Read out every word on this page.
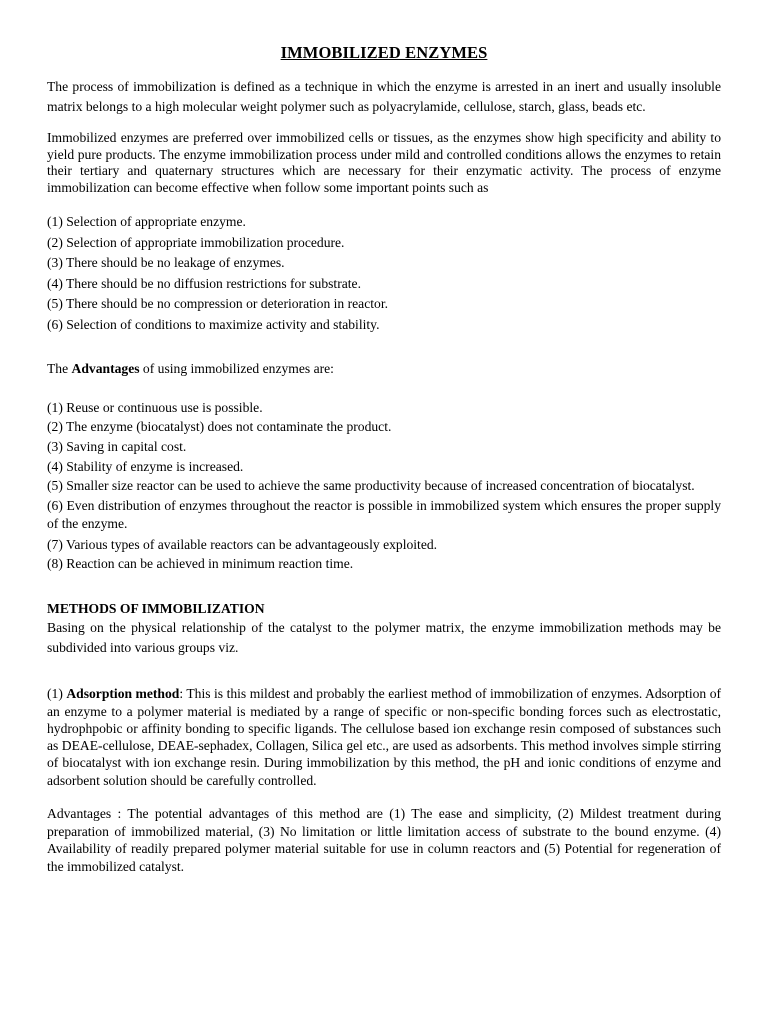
IMMOBILIZED ENZYMES

The process of immobilization is defined as a technique in which the enzyme is arrested in an inert and usually insoluble matrix belongs to a high molecular weight polymer such as polyacrylamide, cellulose, starch, glass, beads etc.

Immobilized enzymes are preferred over immobilized cells or tissues, as the enzymes show high specificity and ability to yield pure products. The enzyme immobilization process under mild and controlled conditions allows the enzymes to retain their tertiary and quaternary structures which are necessary for their enzymatic activity. The process of enzyme immobilization can become effective when follow some important points such as

(1) Selection of appropriate enzyme.
(2) Selection of appropriate immobilization procedure.
(3) There should be no leakage of enzymes.
(4) There should be no diffusion restrictions for substrate.
(5) There should be no compression or deterioration in reactor.
(6) Selection of conditions to maximize activity and stability.

The Advantages of using immobilized enzymes are:

(1) Reuse or continuous use is possible.
(2) The enzyme (biocatalyst) does not contaminate the product.
(3) Saving in capital cost.
(4) Stability of enzyme is increased.
(5) Smaller size reactor can be used to achieve the same productivity because of increased concentration of biocatalyst.
(6) Even distribution of enzymes throughout the reactor is possible in immobilized system which ensures the proper supply of the enzyme.
(7) Various types of available reactors can be advantageously exploited.
(8) Reaction can be achieved in minimum reaction time.
METHODS OF IMMOBILIZATION

Basing on the physical relationship of the catalyst to the polymer matrix, the enzyme immobilization methods may be subdivided into various groups viz.

(1) Adsorption method: This is this mildest and probably the earliest method of immobilization of enzymes. Adsorption of an enzyme to a polymer material is mediated by a range of specific or non-specific bonding forces such as electrostatic, hydrophpobic or affinity bonding to specific ligands. The cellulose based ion exchange resin composed of substances such as DEAE-cellulose, DEAE-sephadex, Collagen, Silica gel etc., are used as adsorbents. This method involves simple stirring of biocatalyst with ion exchange resin. During immobilization by this method, the pH and ionic conditions of enzyme and adsorbent solution should be carefully controlled.

Advantages : The potential advantages of this method are (1) The ease and simplicity, (2) Mildest treatment during preparation of immobilized material, (3) No limitation or little limitation access of substrate to the bound enzyme. (4) Availability of readily prepared polymer material suitable for use in column reactors and (5) Potential for regeneration of the immobilized catalyst.
